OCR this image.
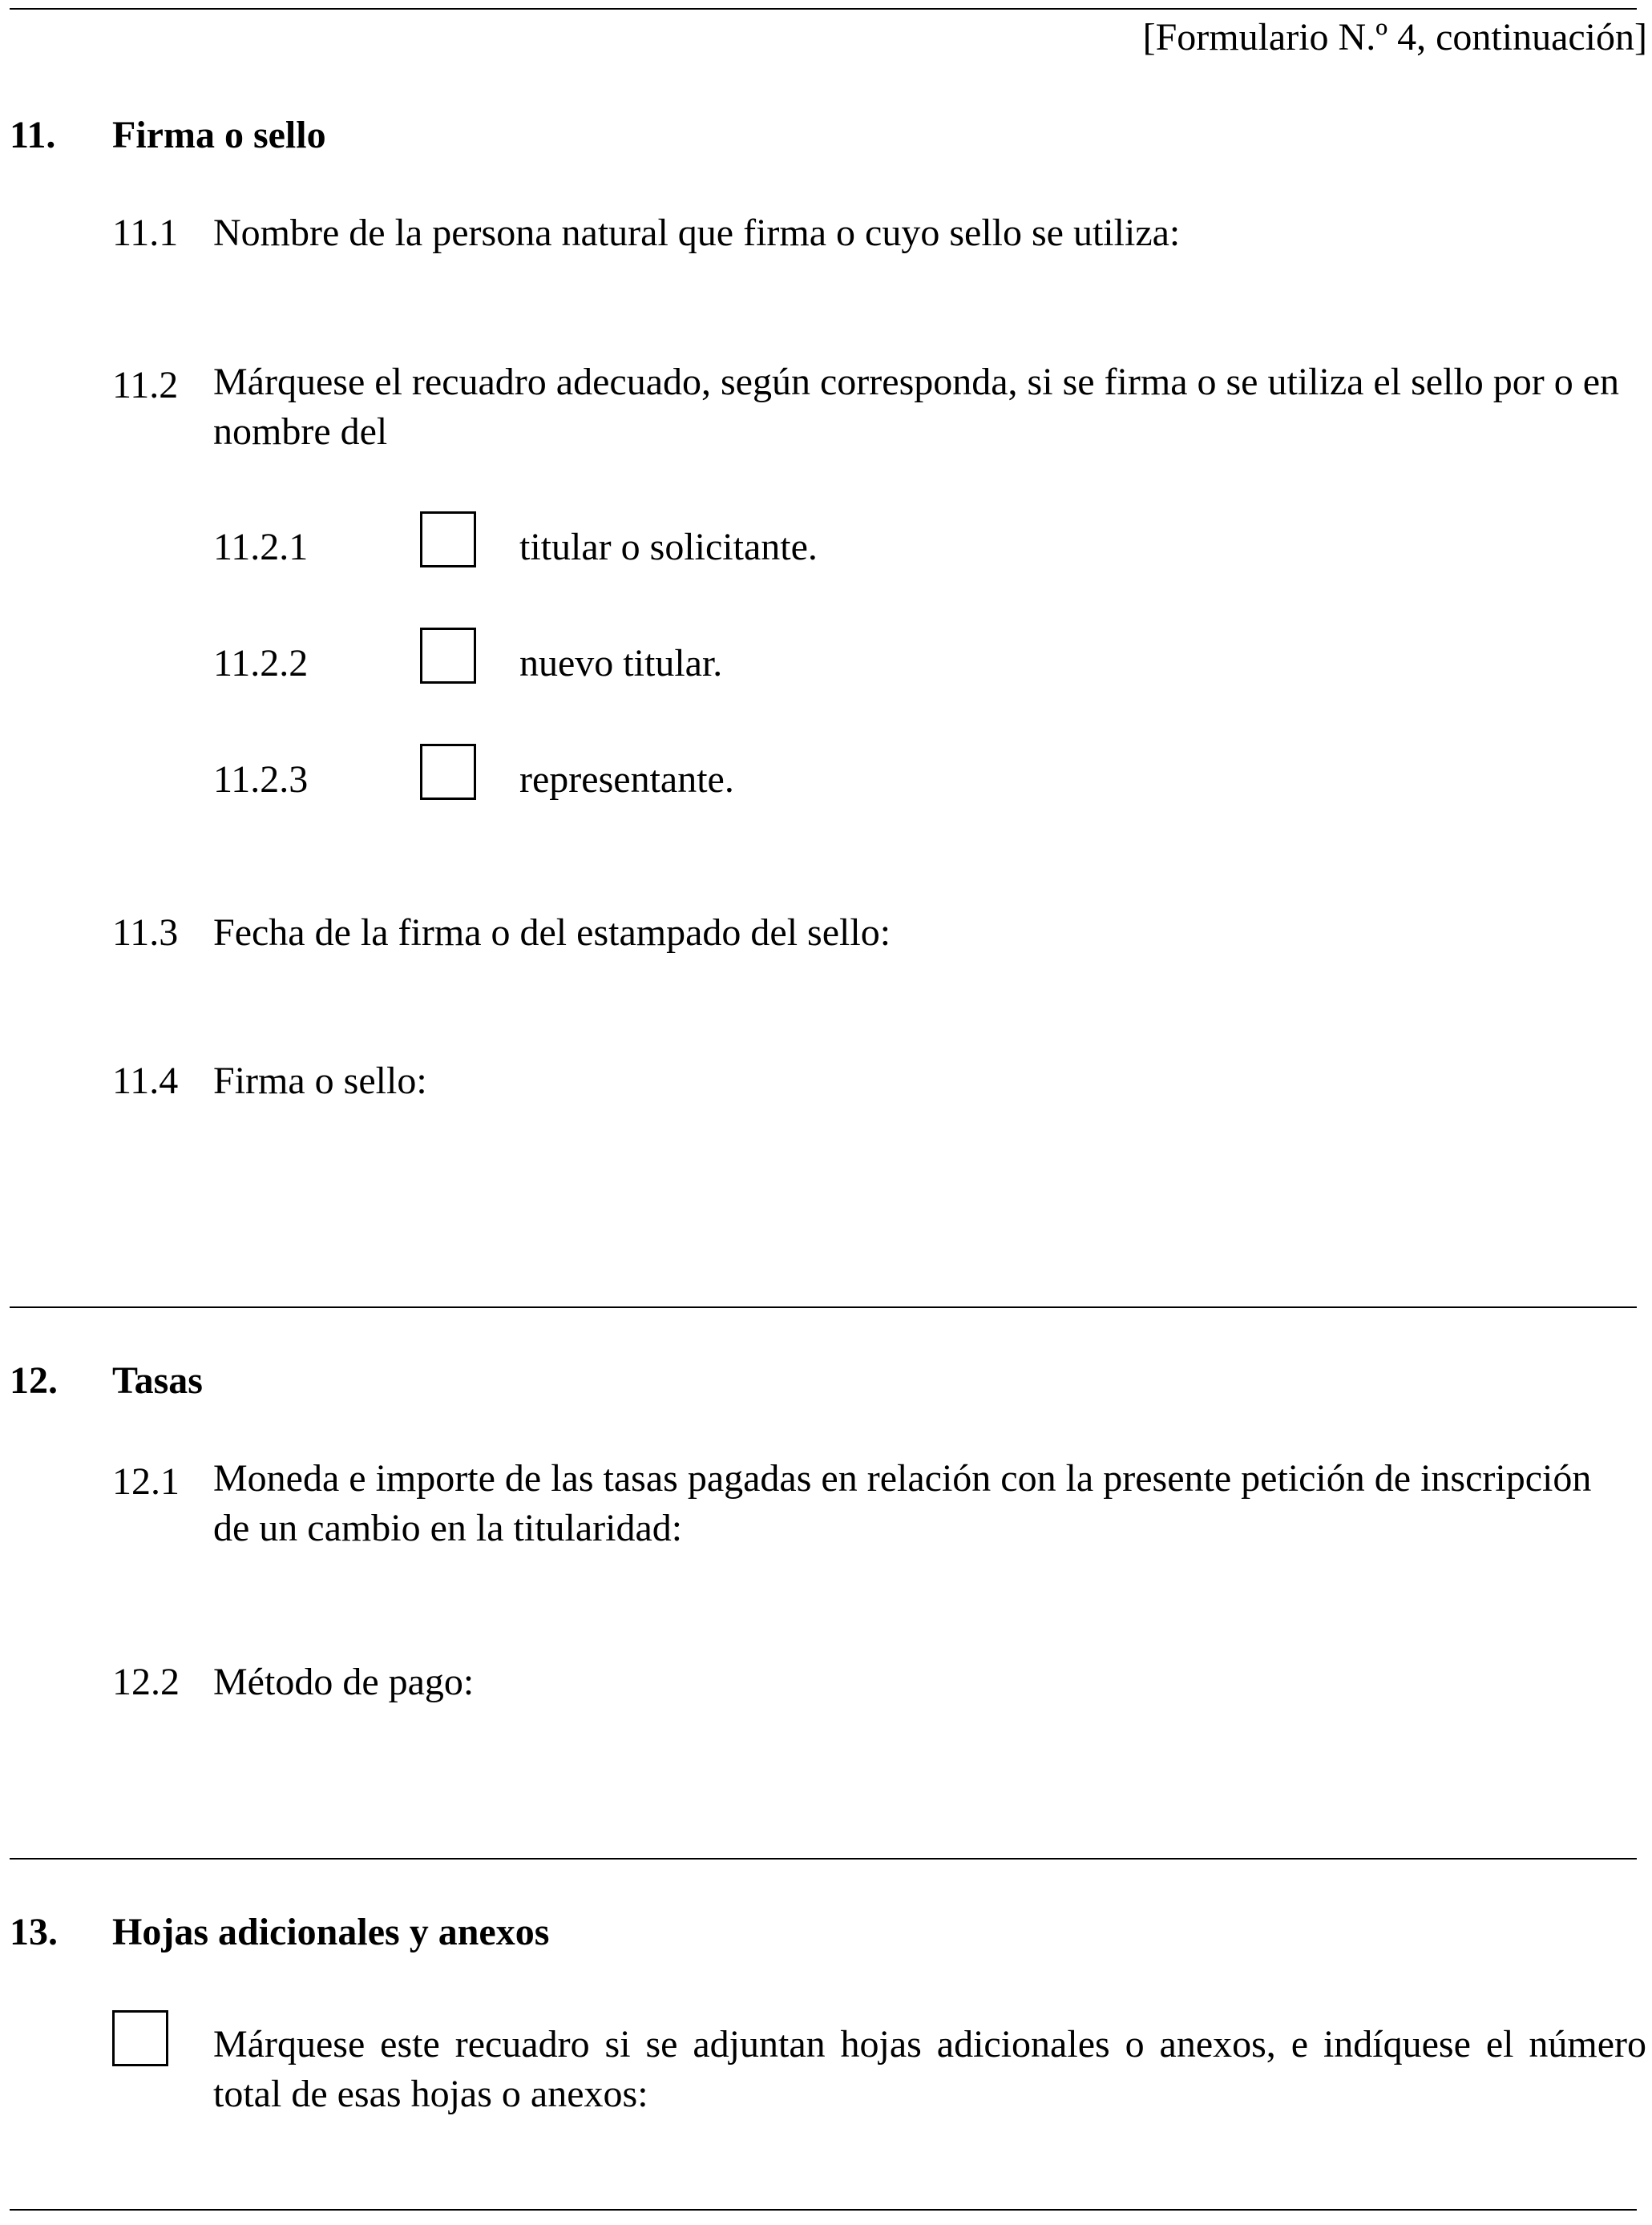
[Formulario N.º 4, continuación]
11. Firma o sello
11.1 Nombre de la persona natural que firma o cuyo sello se utiliza:
11.2 Márquese el recuadro adecuado, según corresponda, si se firma o se utiliza el sello por o en nombre del
11.2.1	titular o solicitante.
11.2.2	nuevo titular.
11.2.3	representante.
11.3 Fecha de la firma o del estampado del sello:
11.4 Firma o sello:
12. Tasas
12.1 Moneda e importe de las tasas pagadas en relación con la presente petición de inscripción de un cambio en la titularidad:
12.2 Método de pago:
13. Hojas adicionales y anexos
Márquese este recuadro si se adjuntan hojas adicionales o anexos, e indíquese el número total de esas hojas o anexos:
